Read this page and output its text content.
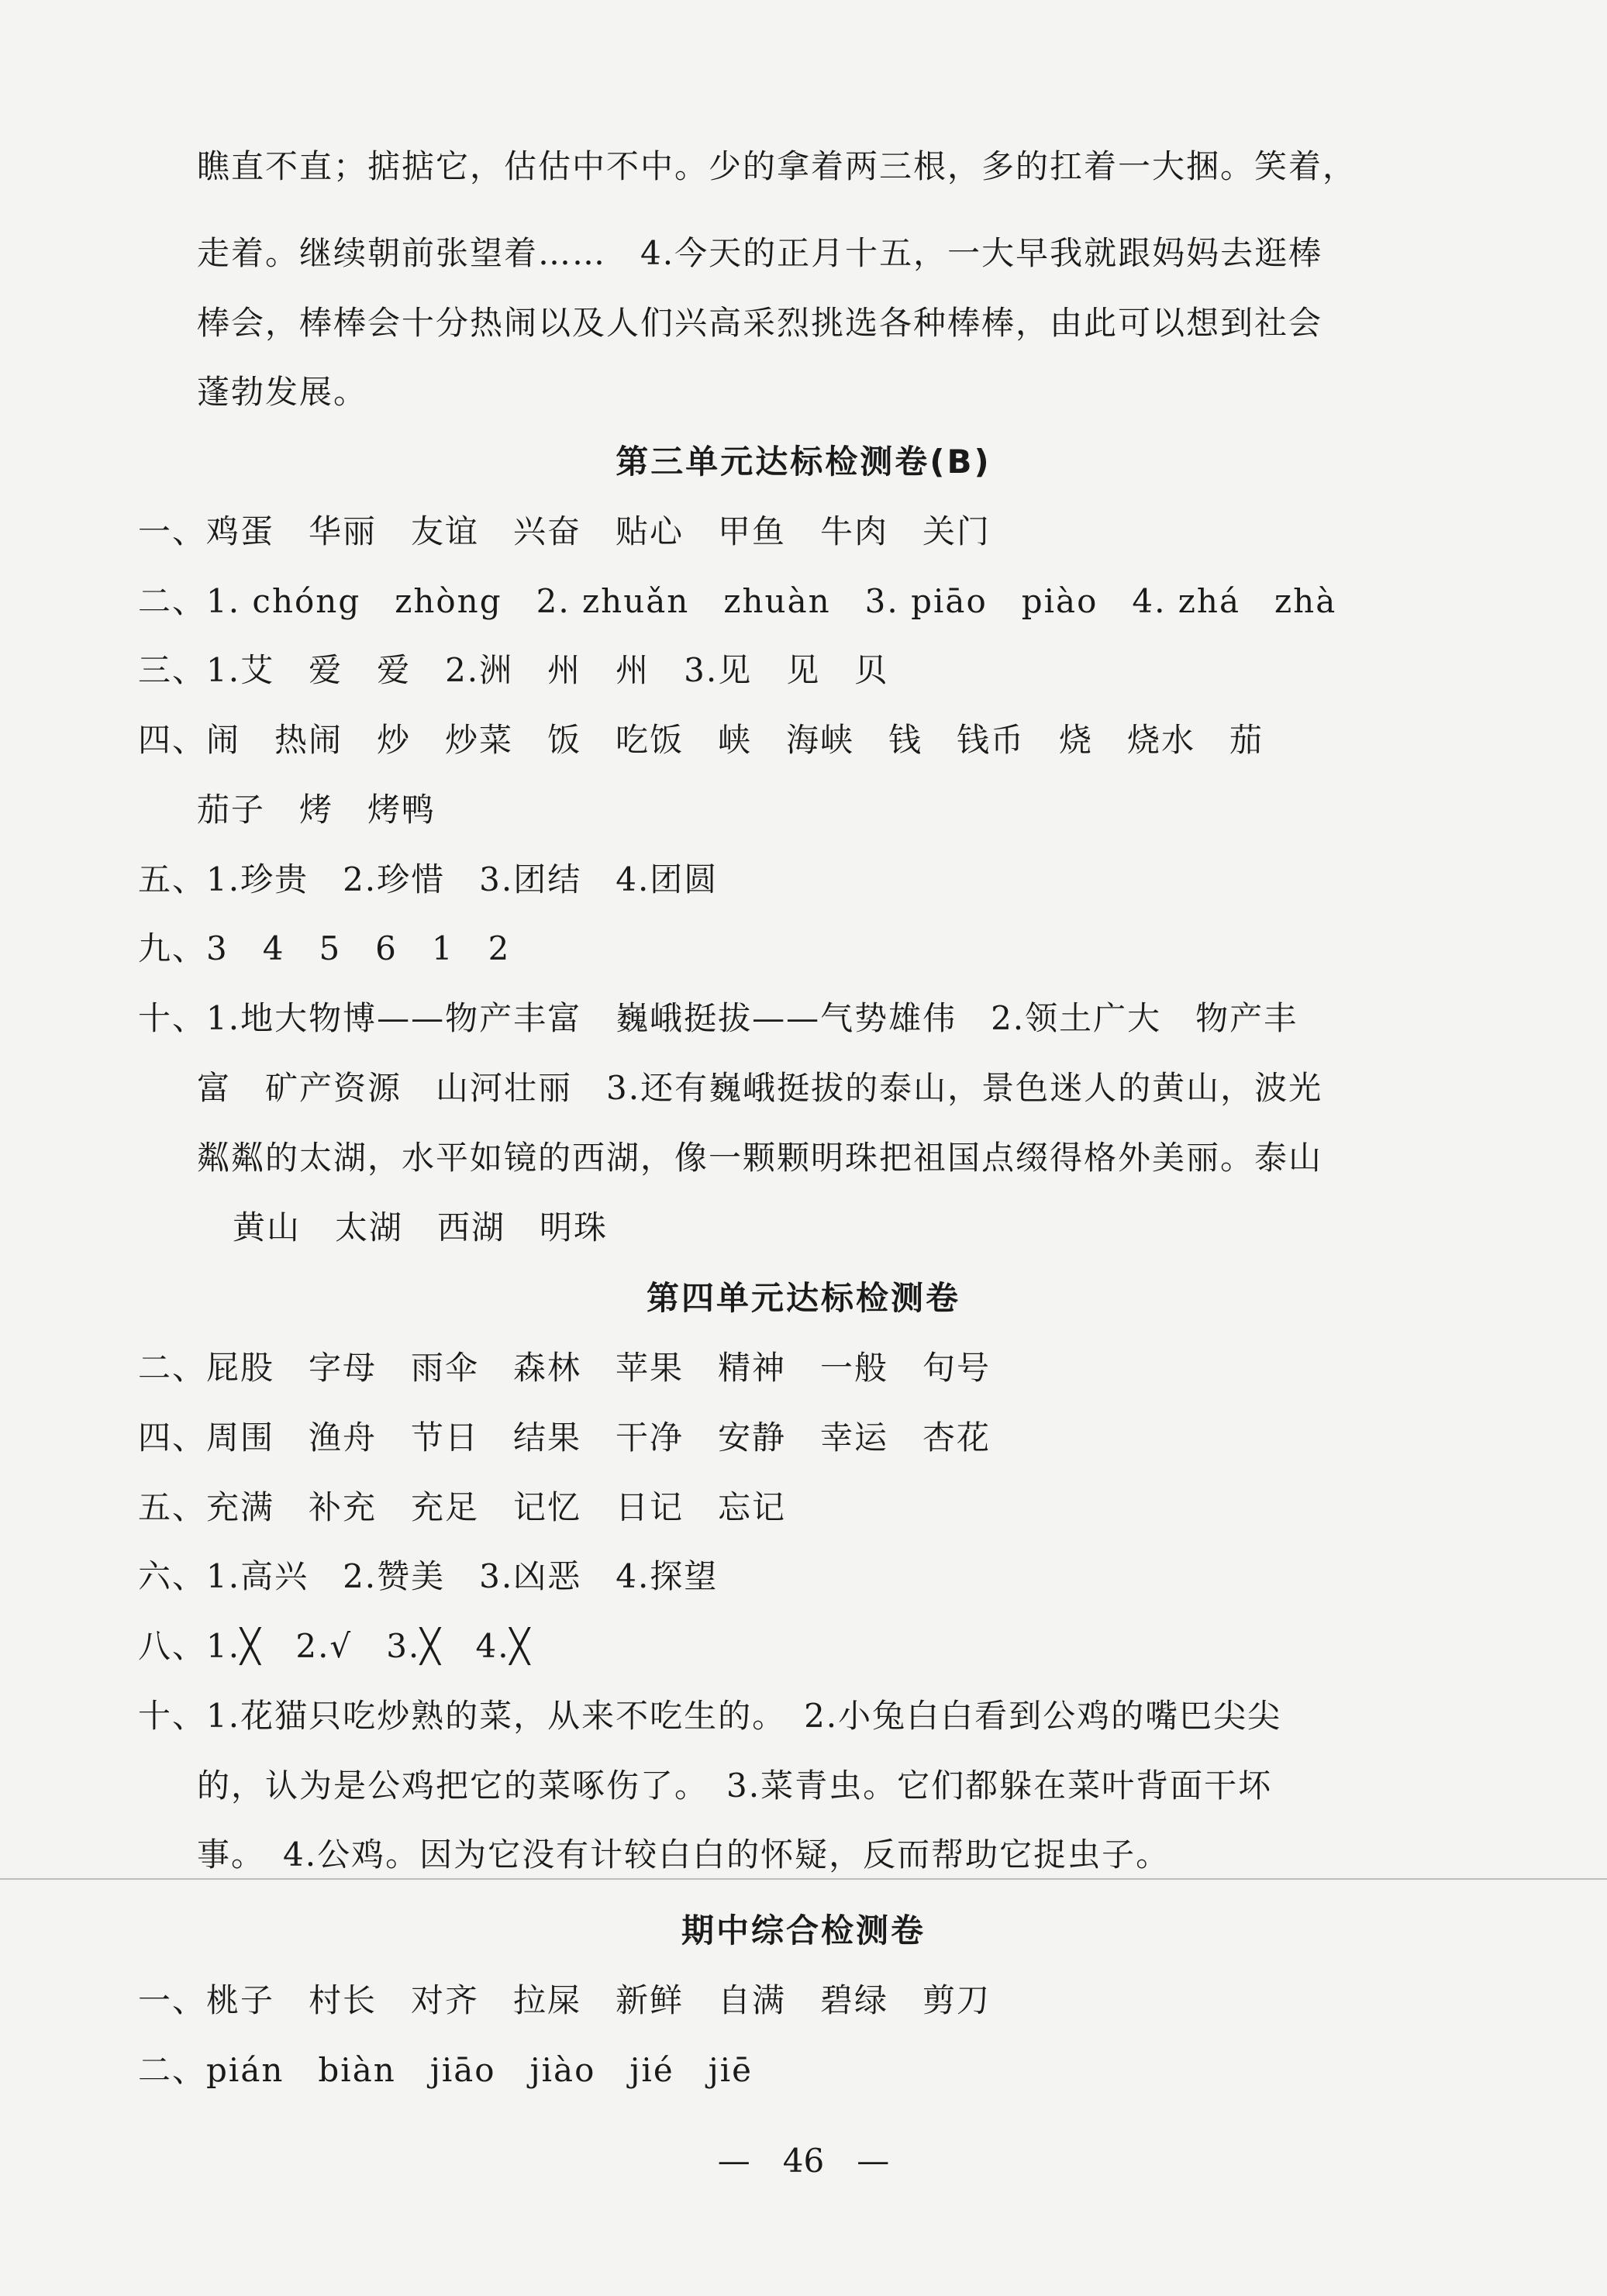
瞧直不直；掂掂它，估估中不中。少的拿着两三根，多的扛着一大捆。笑着，

走着。继续朝前张望着……　4.今天的正月十五，一大早我就跟妈妈去逛棒

棒会，棒棒会十分热闹以及人们兴高采烈挑选各种棒棒，由此可以想到社会

蓬勃发展。

第三单元达标检测卷(B)

一、鸡蛋　华丽　友谊　兴奋　贴心　甲鱼　牛肉　关门

二、1. chóng　zhòng　2. zhuǎn　zhuàn　3. piāo　piào　4. zhá　zhà

三、1.艾　爱　爱　2.洲　州　州　3.见　见　贝

四、闹　热闹　炒　炒菜　饭　吃饭　峡　海峡　钱　钱币　烧　烧水　茄

茄子　烤　烤鸭

五、1.珍贵　2.珍惜　3.团结　4.团圆

九、3　4　5　6　1　2

十、1.地大物博——物产丰富　巍峨挺拔——气势雄伟　2.领土广大　物产丰

富　矿产资源　山河壮丽　3.还有巍峨挺拔的泰山，景色迷人的黄山，波光

粼粼的太湖，水平如镜的西湖，像一颗颗明珠把祖国点缀得格外美丽。泰山

黄山　太湖　西湖　明珠

第四单元达标检测卷

二、屁股　字母　雨伞　森林　苹果　精神　一般　句号

四、周围　渔舟　节日　结果　干净　安静　幸运　杏花

五、充满　补充　充足　记忆　日记　忘记

六、1.高兴　2.赞美　3.凶恶　4.探望

八、1.╳　2.√　3.╳　4.╳

十、1.花猫只吃炒熟的菜，从来不吃生的。　2.小兔白白看到公鸡的嘴巴尖尖

的，认为是公鸡把它的菜啄伤了。　3.菜青虫。它们都躲在菜叶背面干坏

事。　4.公鸡。因为它没有计较白白的怀疑，反而帮助它捉虫子。

期中综合检测卷

一、桃子　村长　对齐　拉屎　新鲜　自满　碧绿　剪刀

二、pián　biàn　jiāo　jiào　jié　jiē

—　46　—
